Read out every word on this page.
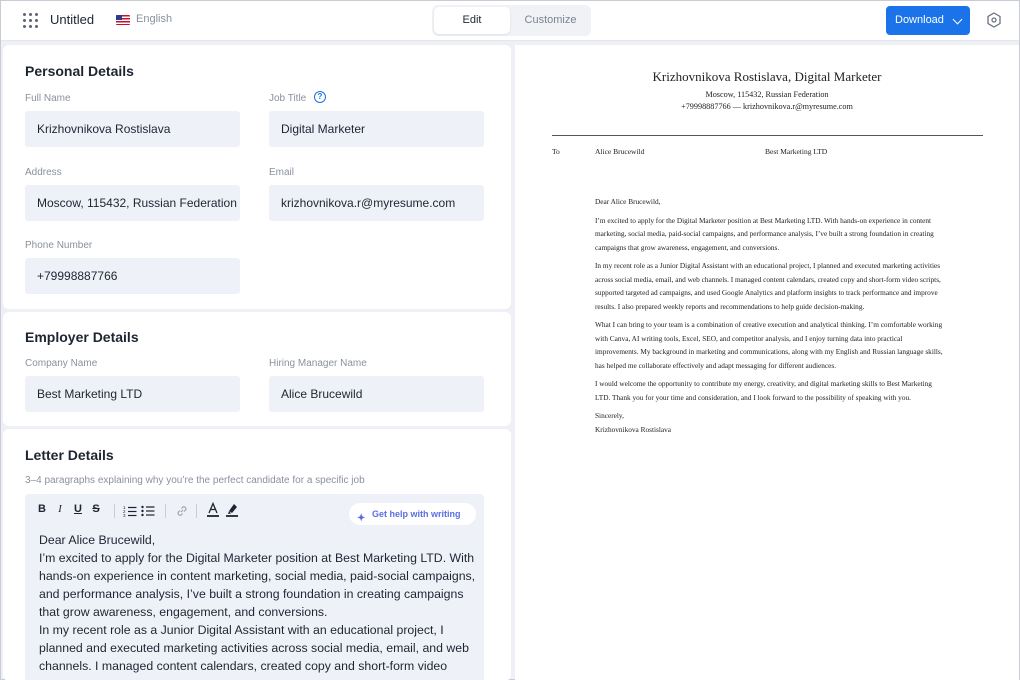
Untitled	English	Edit	Customize	Download
Personal Details
Full Name
Krizhovnikova Rostislava
Job Title	?
Digital Marketer
Address
Moscow, 115432, Russian Federation
Email
krizhovnikova.r@myresume.com
Phone Number
+79998887766
Employer Details
Company Name
Best Marketing LTD
Hiring Manager Name
Alice Brucewild
Letter Details
3–4 paragraphs explaining why you’re the perfect candidate for a specific job
B	I	U S	1
2
3	✦ Get help with writing

Dear Alice Brucewild,

I’m excited to apply for the Digital Marketer position at Best Marketing LTD. With hands-on experience in content marketing, social media, paid-social campaigns, and performance analysis, I’ve built a strong foundation in creating campaigns that grow awareness, engagement, and conversions.

In my recent role as a Junior Digital Assistant with an educational project, I planned and executed marketing activities across social media, email, and web channels. I managed content calendars, created copy and short-form video

Krizhovnikova Rostislava, Digital Marketer
Moscow, 115432, Russian Federation
+79998887766 — krizhovnikova.r@myresume.com
To	Alice Brucewild	Best Marketing LTD

Dear Alice Brucewild,

I’m excited to apply for the Digital Marketer position at Best Marketing LTD. With hands-on experience in content marketing, social media, paid-social campaigns, and performance analysis, I’ve built a strong foundation in creating campaigns that grow awareness, engagement, and conversions.

In my recent role as a Junior Digital Assistant with an educational project, I planned and executed marketing activities across social media, email, and web channels. I managed content calendars, created copy and short-form video scripts, supported targeted ad campaigns, and used Google Analytics and platform insights to track performance and improve results. I also prepared weekly reports and recommendations to help guide decision-making.

What I can bring to your team is a combination of creative execution and analytical thinking. I’m comfortable working with Canva, AI writing tools, Excel, SEO, and competitor analysis, and I enjoy turning data into practical improvements. My background in marketing and communications, along with my English and Russian language skills, has helped me collaborate effectively and adapt messaging for different audiences.

I would welcome the opportunity to contribute my energy, creativity, and digital marketing skills to Best Marketing LTD. Thank you for your time and consideration, and I look forward to the possibility of speaking with you.

Sincerely,

Krizhovnikova Rostislava
